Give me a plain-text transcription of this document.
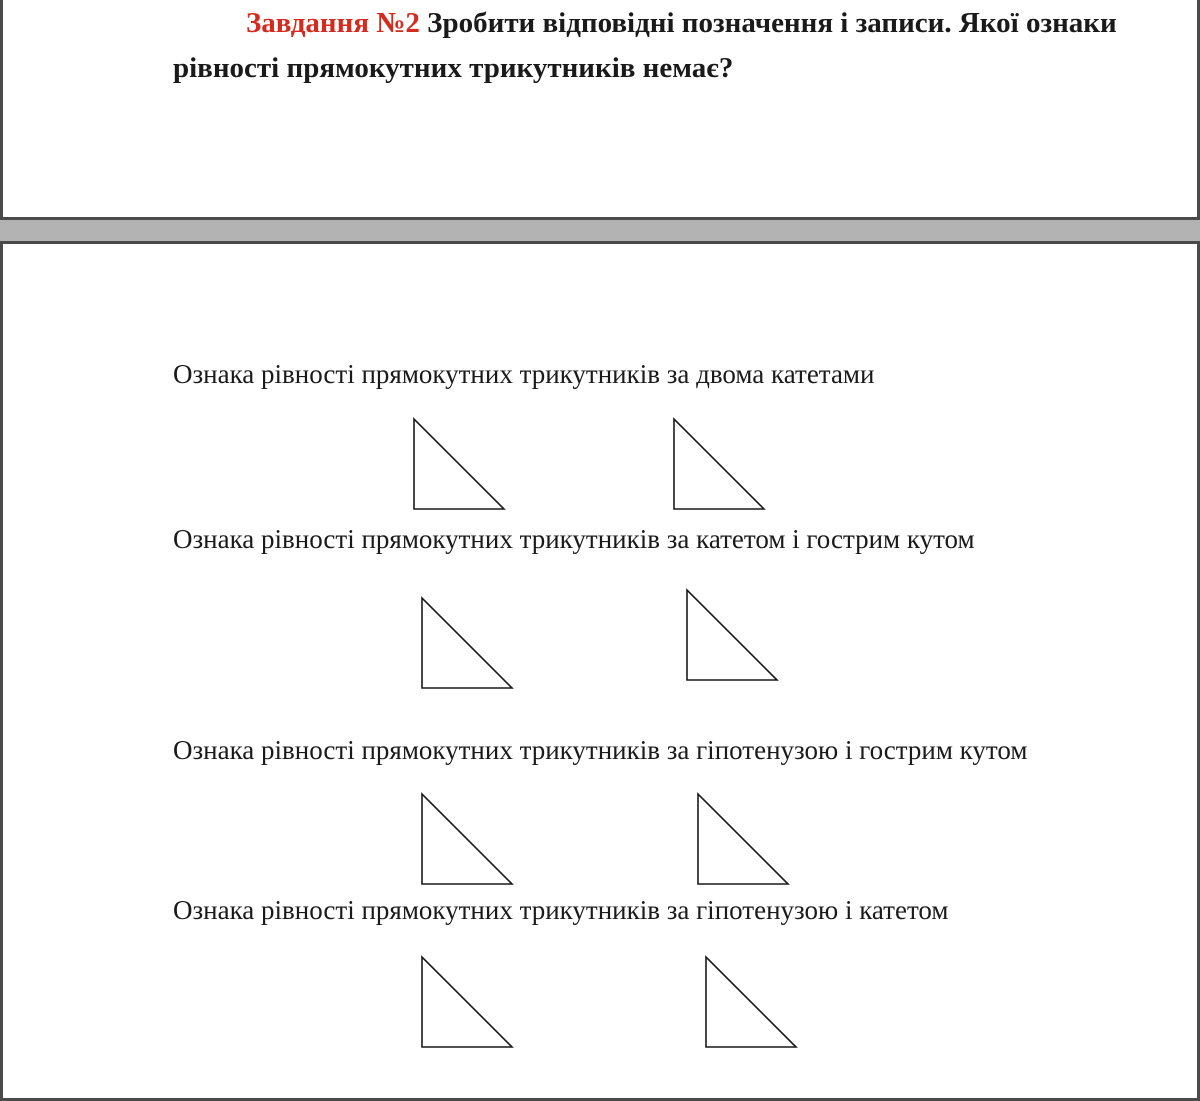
Завдання №2 Зробити відповідні позначення і записи. Якої ознаки рівності прямокутних трикутників немає?

Ознака рівності прямокутних трикутників за двома катетами

Ознака рівності прямокутних трикутників за катетом і гострим кутом

Ознака рівності прямокутних трикутників за гіпотенузою і гострим кутом

Ознака рівності прямокутних трикутників за гіпотенузою і катетом
